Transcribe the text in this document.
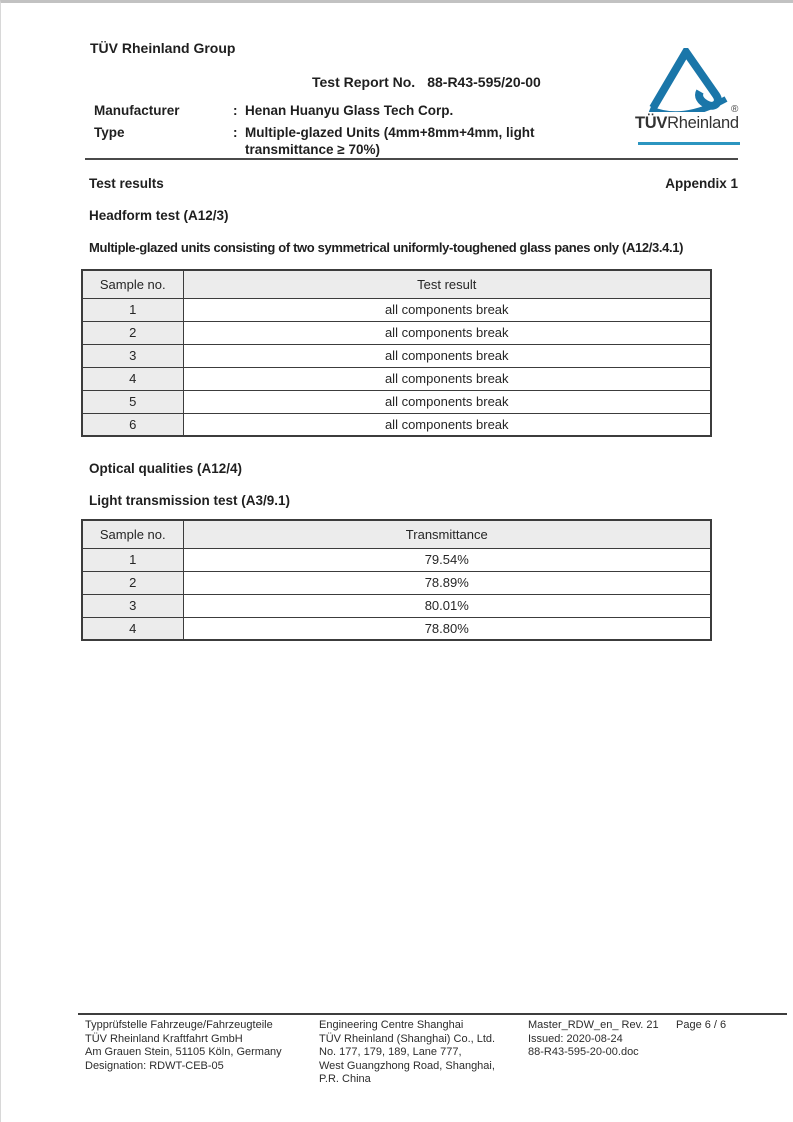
TÜV Rheinland Group
Test Report No. 88-R43-595/20-00
Manufacturer	: Henan Huanyu Glass Tech Corp.
Type	: Multiple-glazed Units (4mm+8mm+4mm, light transmittance ≥ 70%)
TÜVRheinland
®
Test results	Appendix 1
Headform test (A12/3)
Multiple-glazed units consisting of two symmetrical uniformly-toughened glass panes only (A12/3.4.1)
Sample no.	Test result
1	all components break
2	all components break
3	all components break
4	all components break
5	all components break
6	all components break
Optical qualities (A12/4)
Light transmission test (A3/9.1)
Sample no.	Transmittance
1	79.54%
2	78.89%
3	80.01%
4	78.80%
Typprüfstelle Fahrzeuge/Fahrzeugteile
TÜV Rheinland Kraftfahrt GmbH
Am Grauen Stein, 51105 Köln, Germany
Designation: RDWT-CEB-05
Engineering Centre Shanghai
TÜV Rheinland (Shanghai) Co., Ltd.
No. 177, 179, 189, Lane 777,
West Guangzhong Road, Shanghai,
P.R. China
Master_RDW_en_ Rev. 21
Issued: 2020-08-24
88-R43-595-20-00.doc
Page 6 / 6
